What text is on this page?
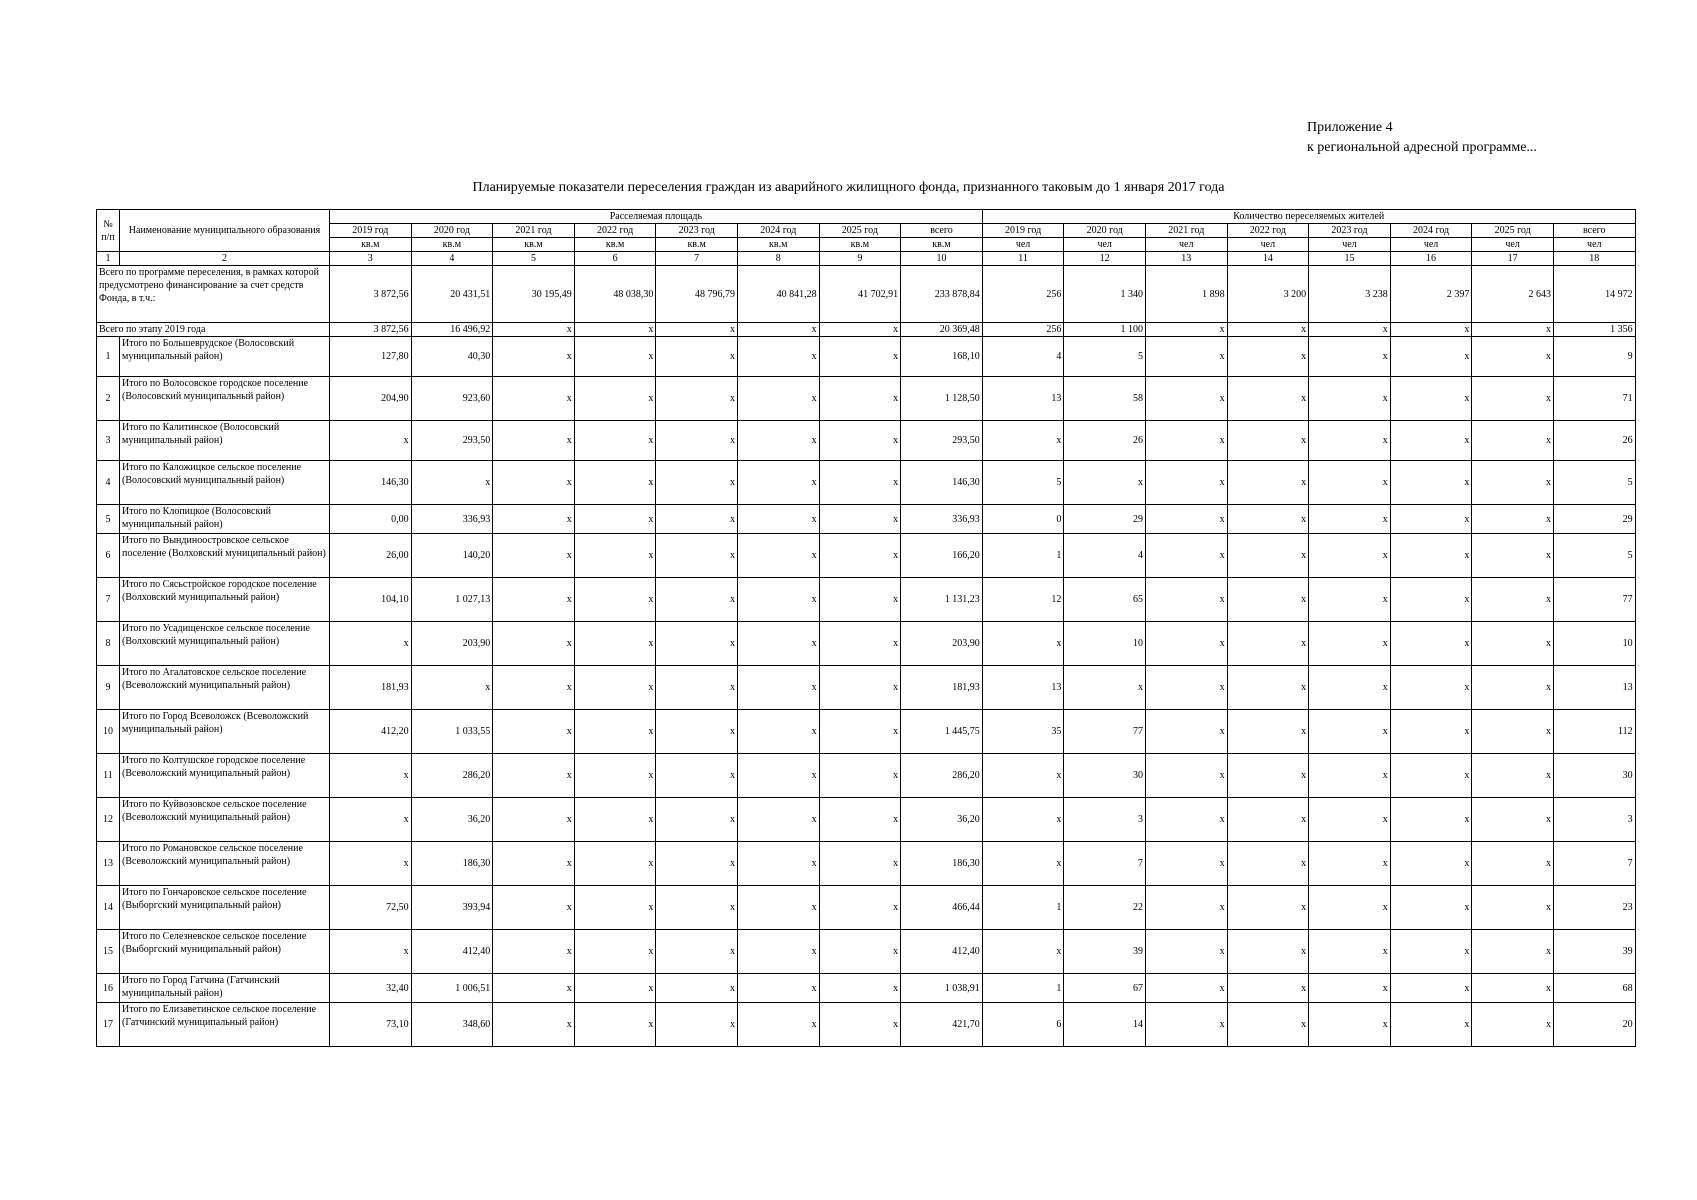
Приложение 4
к региональной адресной программе...
Планируемые показатели переселения граждан из аварийного жилищного фонда, признанного таковым до 1 января 2017 года
№ п/п	Наименование муниципального образования	Расселяемая площадь								Количество переселяемых жителей							
		2019 год	2020 год	2021 год	2022 год	2023 год	2024 год	2025 год	всего	2019 год	2020 год	2021 год	2022 год	2023 год	2024 год	2025 год	всего
		кв.м	кв.м	кв.м	кв.м	кв.м	кв.м	кв.м	кв.м	чел	чел	чел	чел	чел	чел	чел	чел
1	2	3	4	5	6	7	8	9	10	11	12	13	14	15	16	17	18
Всего по программе переселения, в рамках которой предусмотрено финансирование за счет средств Фонда, в т.ч.:		3 872,56	20 431,51	30 195,49	48 038,30	48 796,79	40 841,28	41 702,91	233 878,84	256	1 340	1 898	3 200	3 238	2 397	2 643	14 972
Всего по этапу 2019 года		3 872,56	16 496,92	x	x	x	x	x	20 369,48	256	1 100	x	x	x	x	x	1 356
1	Итого по Большеврудское (Волосовский муниципальный район)	127,80	40,30	x	x	x	x	x	168,10	4	5	x	x	x	x	x	9
2	Итого по Волосовское городское поселение (Волосовский муниципальный район)	204,90	923,60	x	x	x	x	x	1 128,50	13	58	x	x	x	x	x	71
3	Итого по Калитинское (Волосовский муниципальный район)	x	293,50	x	x	x	x	x	293,50	x	26	x	x	x	x	x	26
4	Итого по Каложицкое сельское поселение (Волосовский муниципальный район)	146,30	x	x	x	x	x	x	146,30	5	x	x	x	x	x	x	5
5	Итого по Клопицкое (Волосовский муниципальный район)	0,00	336,93	x	x	x	x	x	336,93	0	29	x	x	x	x	x	29
6	Итого по Вындиноостровское сельское поселение (Волховский муниципальный район)	26,00	140,20	x	x	x	x	x	166,20	1	4	x	x	x	x	x	5
7	Итого по Сясьстройское городское поселение (Волховский муниципальный район)	104,10	1 027,13	x	x	x	x	x	1 131,23	12	65	x	x	x	x	x	77
8	Итого по Усадищенское сельское поселение (Волховский муниципальный район)	x	203,90	x	x	x	x	x	203,90	x	10	x	x	x	x	x	10
9	Итого по Агалатовское сельское поселение (Всеволожский муниципальный район)	181,93	x	x	x	x	x	x	181,93	13	x	x	x	x	x	x	13
10	Итого по Город Всеволожск (Всеволожский муниципальный район)	412,20	1 033,55	x	x	x	x	x	1 445,75	35	77	x	x	x	x	x	112
11	Итого по Колтушское городское поселение (Всеволожский муниципальный район)	x	286,20	x	x	x	x	x	286,20	x	30	x	x	x	x	x	30
12	Итого по Куйвозовское сельское поселение (Всеволожский муниципальный район)	x	36,20	x	x	x	x	x	36,20	x	3	x	x	x	x	x	3
13	Итого по Романовское сельское поселение (Всеволожский муниципальный район)	x	186,30	x	x	x	x	x	186,30	x	7	x	x	x	x	x	7
14	Итого по Гончаровское сельское поселение (Выборгский муниципальный район)	72,50	393,94	x	x	x	x	x	466,44	1	22	x	x	x	x	x	23
15	Итого по Селезневское сельское поселение (Выборгский муниципальный район)	x	412,40	x	x	x	x	x	412,40	x	39	x	x	x	x	x	39
16	Итого по Город Гатчина (Гатчинский муниципальный район)	32,40	1 006,51	x	x	x	x	x	1 038,91	1	67	x	x	x	x	x	68
17	Итого по Елизаветинское сельское поселение (Гатчинский муниципальный район)	73,10	348,60	x	x	x	x	x	421,70	6	14	x	x	x	x	x	20
